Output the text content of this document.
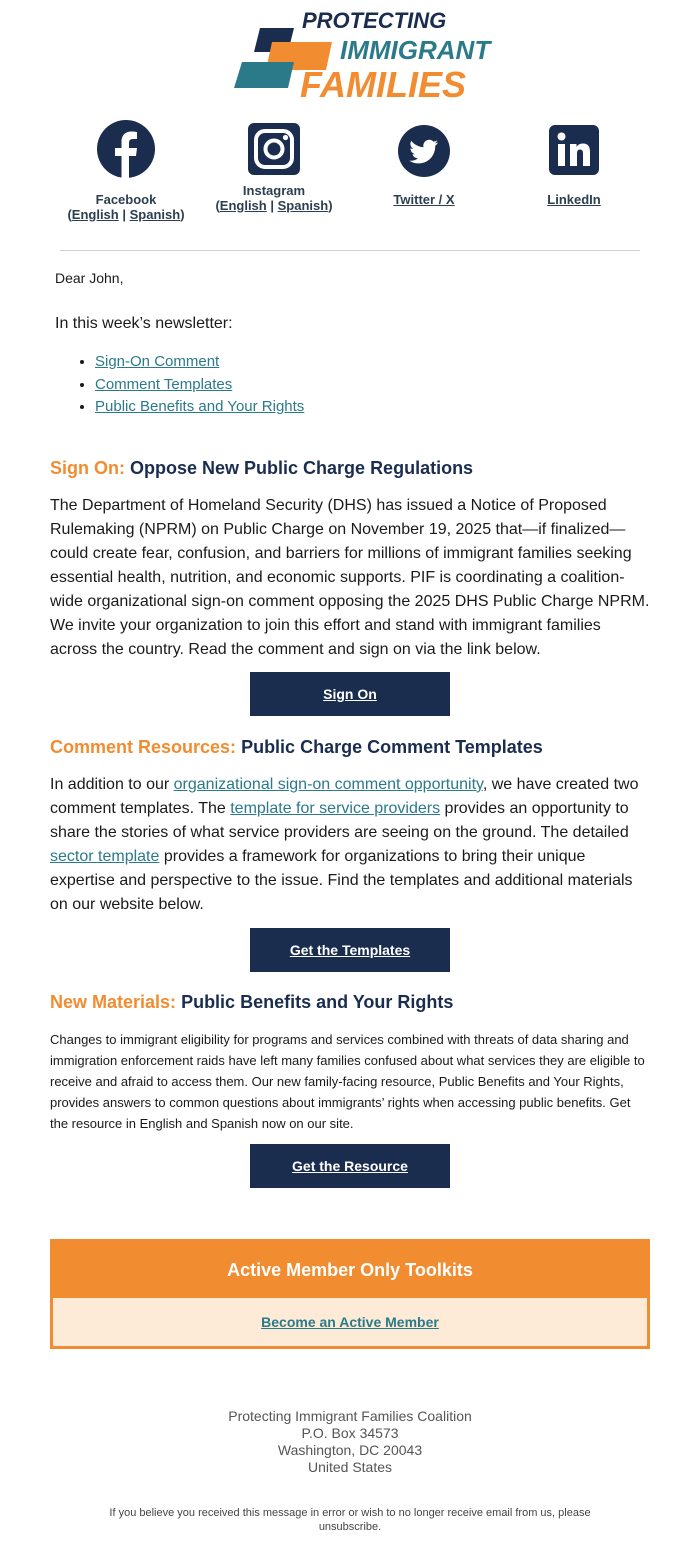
PROTECTING
IMMIGRANT
FAMILIES
Facebook
(English | Spanish)
Instagram
(English | Spanish)	Twitter / X	LinkedIn
Dear John,
In this week’s newsletter:
• Sign-On Comment
• Comment Templates
• Public Benefits and Your Rights
Sign On: Oppose New Public Charge Regulations

The Department of Homeland Security (DHS) has issued a Notice of Proposed Rulemaking (NPRM) on Public Charge on November 19, 2025 that—if finalized—could create fear, confusion, and barriers for millions of immigrant families seeking essential health, nutrition, and economic supports. PIF is coordinating a coalition-wide organizational sign-on comment opposing the 2025 DHS Public Charge NPRM. We invite your organization to join this effort and stand with immigrant families across the country. Read the comment and sign on via the link below.

Sign On
Comment Resources: Public Charge Comment Templates

In addition to our organizational sign-on comment opportunity, we have created two comment templates. The template for service providers provides an opportunity to share the stories of what service providers are seeing on the ground. The detailed sector template provides a framework for organizations to bring their unique expertise and perspective to the issue. Find the templates and additional materials on our website below.

Get the Templates
New Materials: Public Benefits and Your Rights

Changes to immigrant eligibility for programs and services combined with threats of data sharing and immigration enforcement raids have left many families confused about what services they are eligible to receive and afraid to access them. Our new family-facing resource, Public Benefits and Your Rights, provides answers to common questions about immigrants’ rights when accessing public benefits. Get the resource in English and Spanish now on our site.

Get the Resource
Active Member Only Toolkits
Become an Active Member
Protecting Immigrant Families Coalition
P.O. Box 34573
Washington, DC 20043
United States
If you believe you received this message in error or wish to no longer receive email from us, please unsubscribe.
